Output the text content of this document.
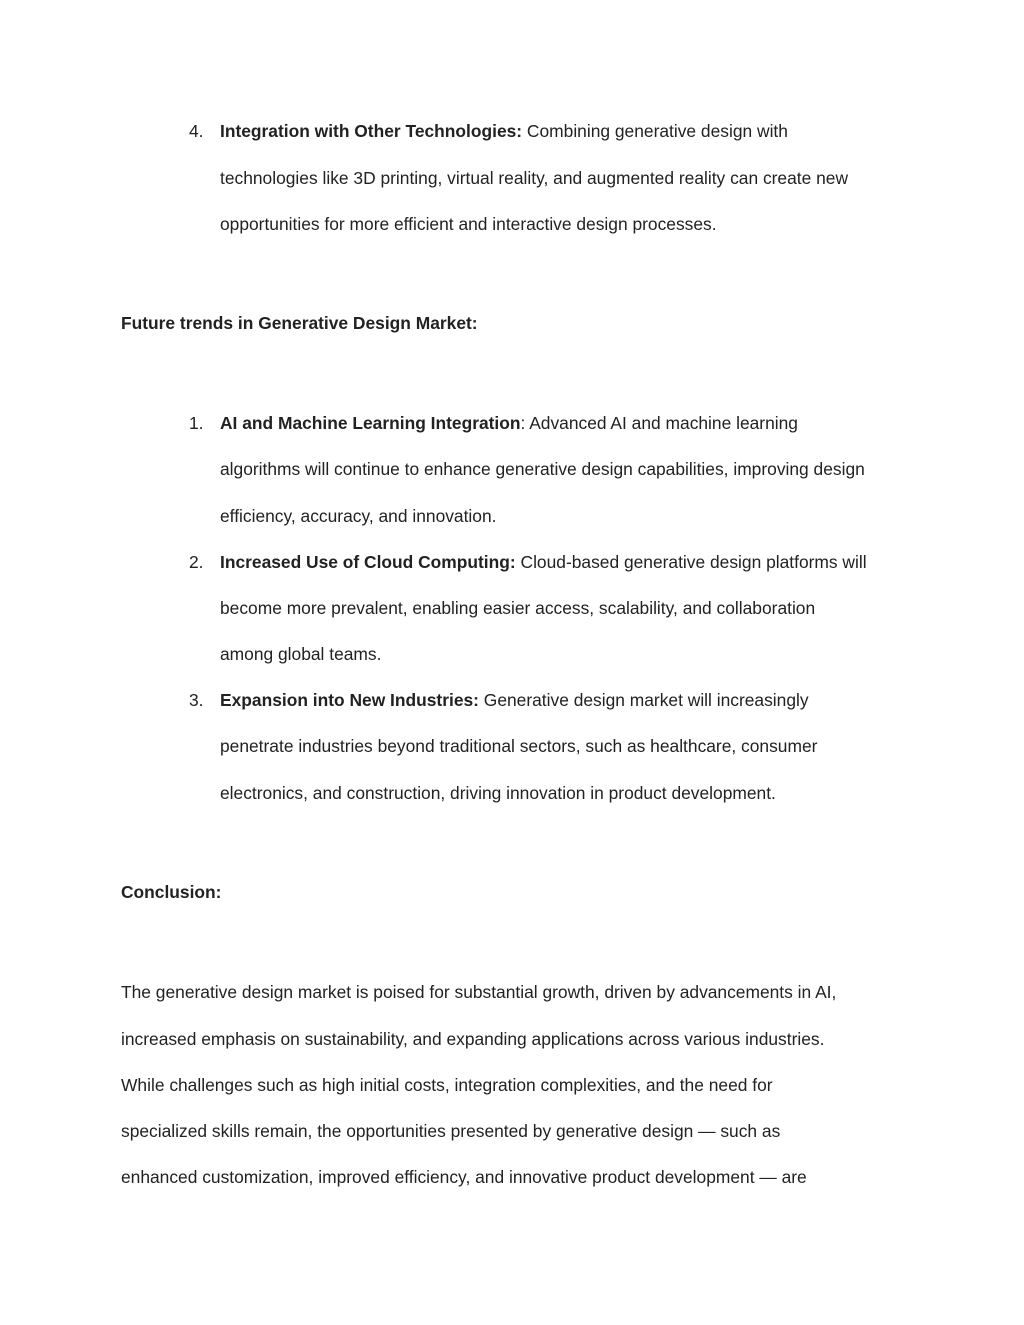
4. Integration with Other Technologies: Combining generative design with
technologies like 3D printing, virtual reality, and augmented reality can create new
opportunities for more efficient and interactive design processes.
Future trends in Generative Design Market:
1. AI and Machine Learning Integration: Advanced AI and machine learning
algorithms will continue to enhance generative design capabilities, improving design
efficiency, accuracy, and innovation.
2. Increased Use of Cloud Computing: Cloud-based generative design platforms will
become more prevalent, enabling easier access, scalability, and collaboration
among global teams.
3. Expansion into New Industries: Generative design market will increasingly
penetrate industries beyond traditional sectors, such as healthcare, consumer
electronics, and construction, driving innovation in product development.
Conclusion:
The generative design market is poised for substantial growth, driven by advancements in AI,
increased emphasis on sustainability, and expanding applications across various industries.
While challenges such as high initial costs, integration complexities, and the need for
specialized skills remain, the opportunities presented by generative design — such as
enhanced customization, improved efficiency, and innovative product development — are
